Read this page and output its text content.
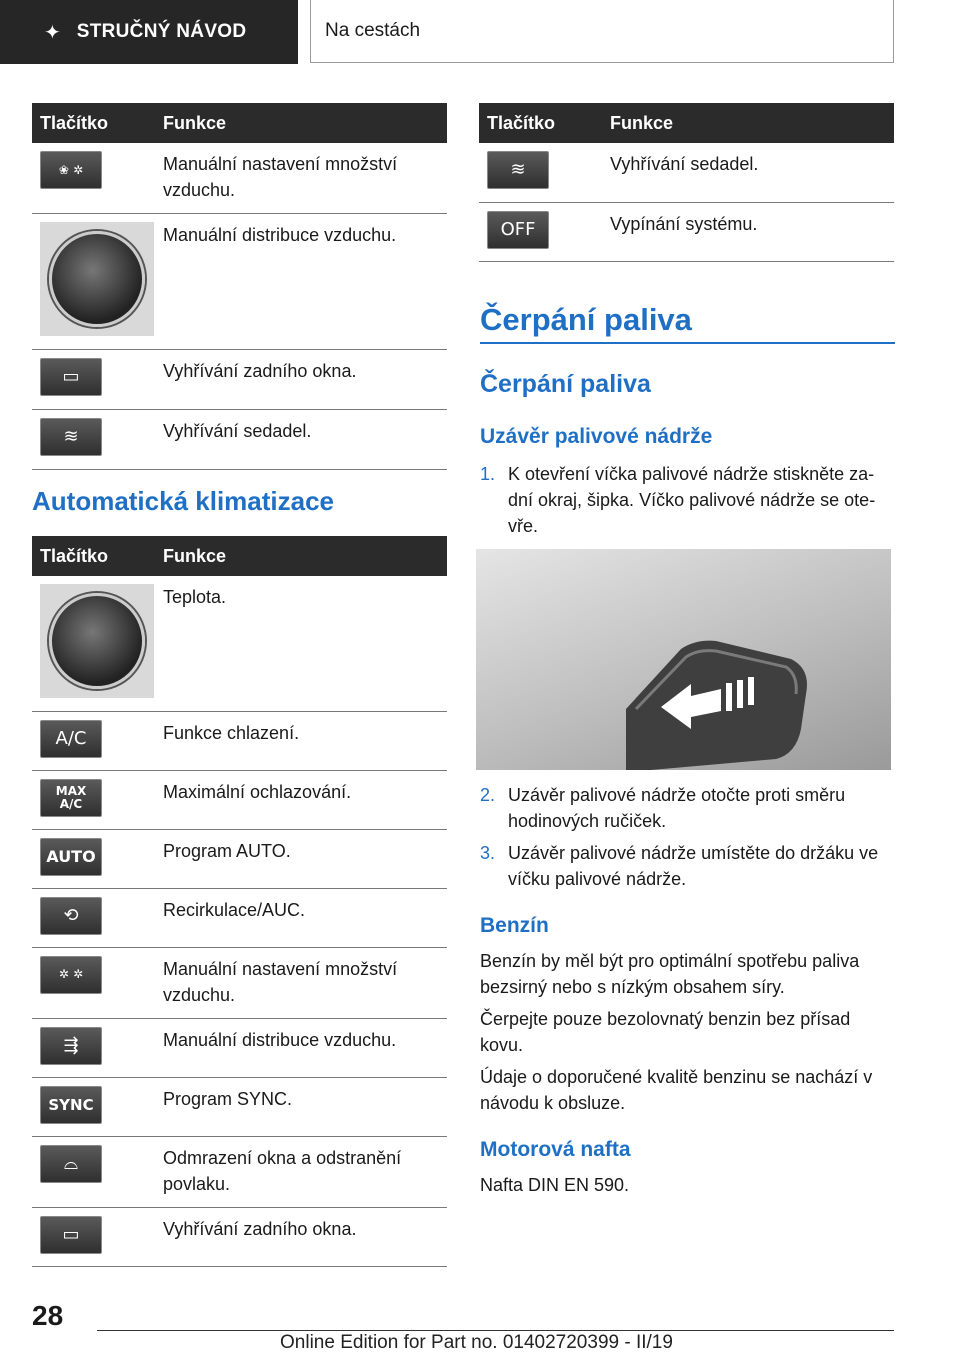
✦ STRUČNÝ NÁVOD	Na cestách
Tlačítko	Funkce

❀ ✲	Manuální nastavení množství vzduchu.

	Manuální distribuce vzduchu.

▭	Vyhřívání zadního okna.

≋	Vyhřívání sedadel.
Automatická klimatizace
Tlačítko	Funkce

	Teplota.

A/C	Funkce chlazení.

MAX A/C	Maximální ochlazování.

AUTO	Program AUTO.

⟲	Recirkulace/AUC.

✲ ✲	Manuální nastavení množství vzduchu.

⇶	Manuální distribuce vzduchu.

SYNC	Program SYNC.

⌓	Odmrazení okna a odstranění povlaku.

▭	Vyhřívání zadního okna.
Tlačítko	Funkce

≋	Vyhřívání sedadel.

OFF	Vypínání systému.
Čerpání paliva
Čerpání paliva
Uzávěr palivové nádrže
1. K otevření víčka palivové nádrže stiskněte za-
dní okraj, šipka. Víčko palivové nádrže se ote-
vře.
2. Uzávěr palivové nádrže otočte proti směru
hodinových ručiček.
3. Uzávěr palivové nádrže umístěte do držáku ve
víčku palivové nádrže.
Benzín
Benzín by měl být pro optimální spotřebu paliva
bezsirný nebo s nízkým obsahem síry.
Čerpejte pouze bezolovnatý benzin bez přísad
kovu.
Údaje o doporučené kvalitě benzinu se nachází v
návodu k obsluze.
Motorová nafta
Nafta DIN EN 590.
28
Online Edition for Part no. 01402720399 - II/19
